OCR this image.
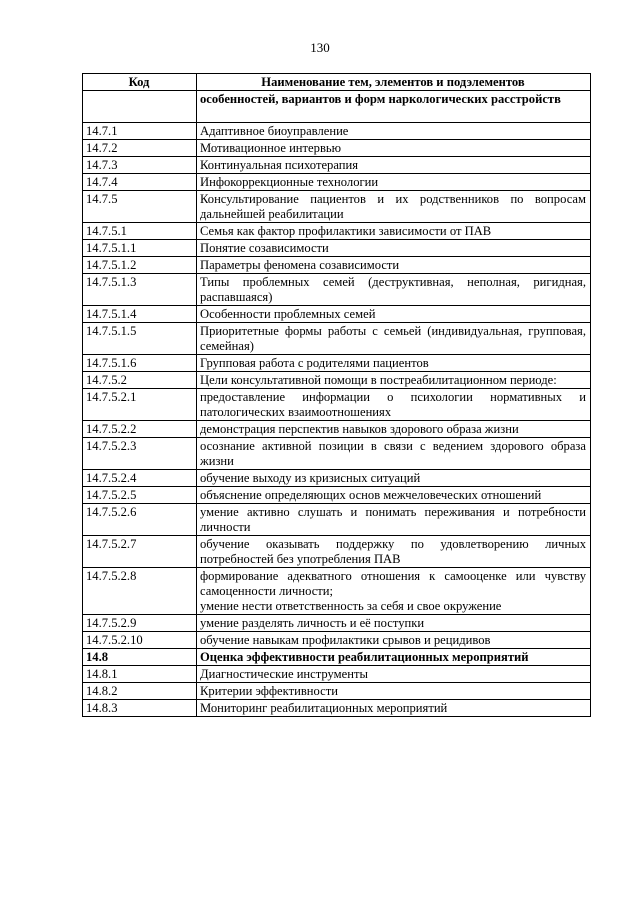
130
Код	Наименование тем, элементов и подэлементов
	особенностей, вариантов и форм наркологических расстройств
14.7.1	Адаптивное биоуправление
14.7.2	Мотивационное интервью
14.7.3	Континуальная психотерапия
14.7.4	Инфокоррекционные технологии
14.7.5	Консультирование пациентов и их родственников по вопросам дальнейшей реабилитации
14.7.5.1	Семья как фактор профилактики зависимости от ПАВ
14.7.5.1.1	Понятие созависимости
14.7.5.1.2	Параметры феномена созависимости
14.7.5.1.3	Типы проблемных семей (деструктивная, неполная, ригидная, распавшаяся)
14.7.5.1.4	Особенности проблемных семей
14.7.5.1.5	Приоритетные формы работы с семьей (индивидуальная, групповая, семейная)
14.7.5.1.6	Групповая работа с родителями пациентов
14.7.5.2	Цели консультативной помощи в постреабилитационном периоде:
14.7.5.2.1	предоставление информации о психологии нормативных и патологических взаимоотношениях
14.7.5.2.2	демонстрация перспектив навыков здорового образа жизни
14.7.5.2.3	осознание активной позиции в связи с ведением здорового образа жизни
14.7.5.2.4	обучение выходу из кризисных ситуаций
14.7.5.2.5	объяснение определяющих основ межчеловеческих отношений
14.7.5.2.6	умение активно слушать и понимать переживания и потребности личности
14.7.5.2.7	обучение оказывать поддержку по удовлетворению личных потребностей без употребления ПАВ
14.7.5.2.8	формирование адекватного отношения к самооценке или чувству самоценности личности;
умение нести ответственность за себя и свое окружение

14.7.5.2.9	умение разделять личность и её поступки
14.7.5.2.10	обучение навыкам профилактики срывов и рецидивов
14.8	Оценка эффективности реабилитационных мероприятий
14.8.1	Диагностические инструменты
14.8.2	Критерии эффективности
14.8.3	Мониторинг реабилитационных мероприятий
